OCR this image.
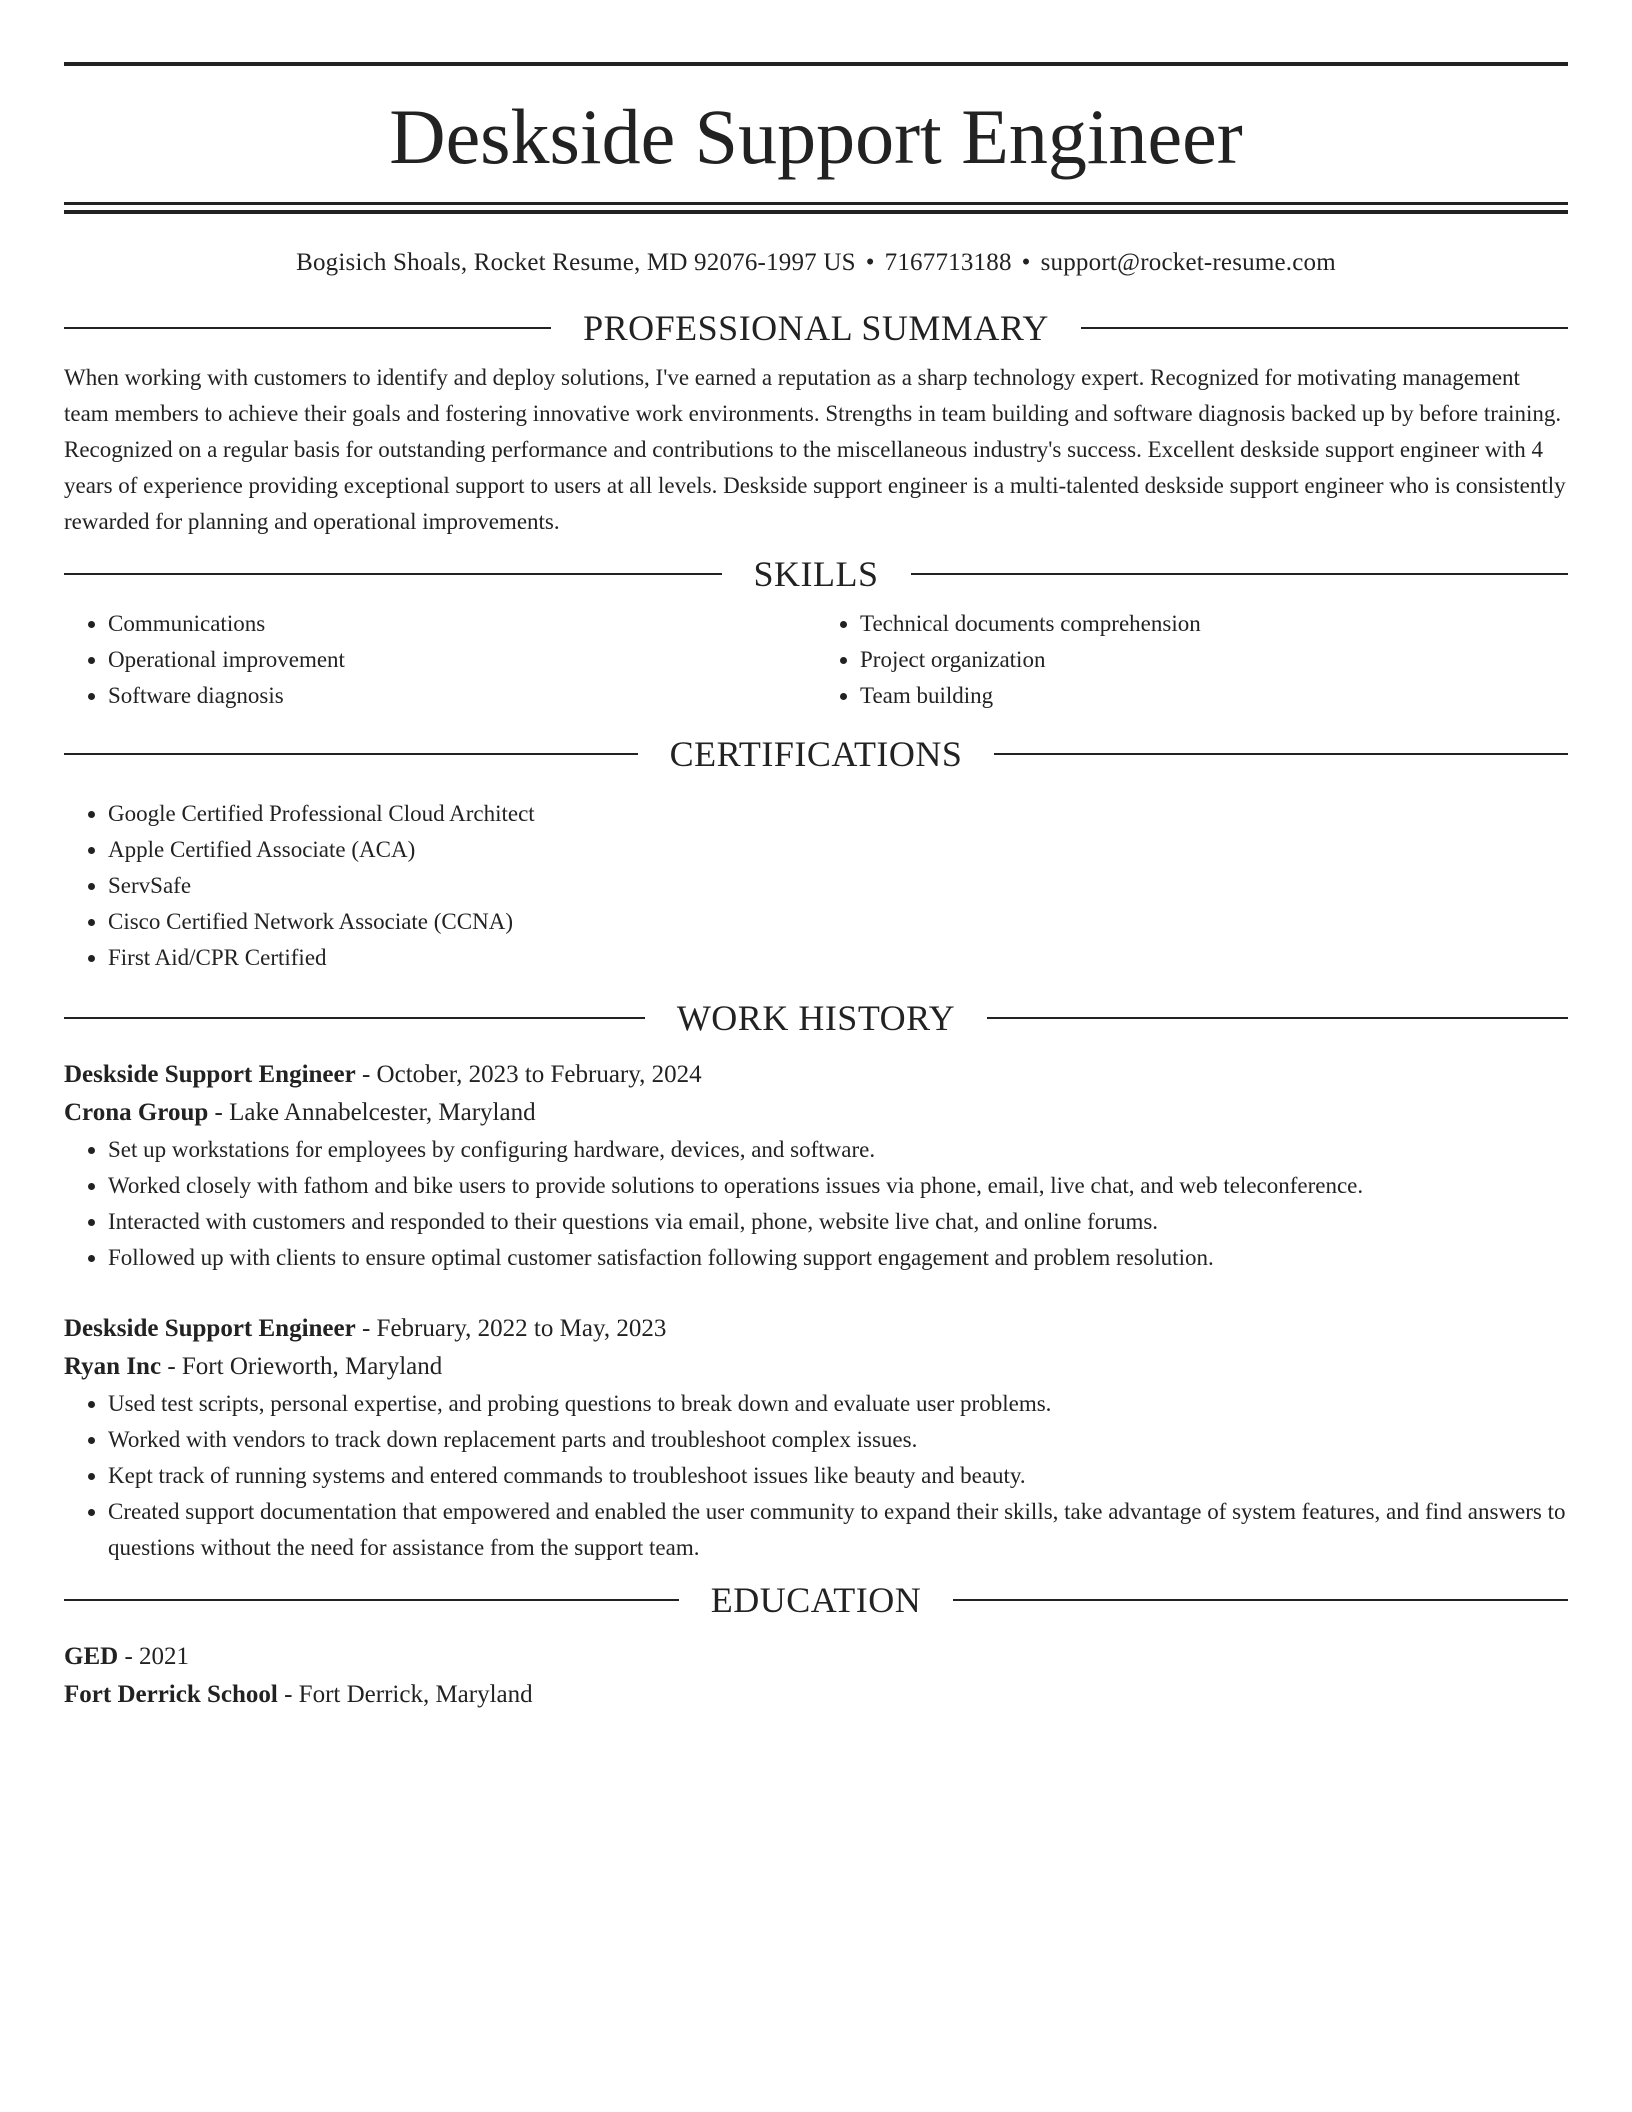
Deskside Support Engineer
Bogisich Shoals, Rocket Resume, MD 92076-1997 US • 7167713188 • support@rocket-resume.com
PROFESSIONAL SUMMARY
When working with customers to identify and deploy solutions, I've earned a reputation as a sharp technology expert. Recognized for motivating management team members to achieve their goals and fostering innovative work environments. Strengths in team building and software diagnosis backed up by before training. Recognized on a regular basis for outstanding performance and contributions to the miscellaneous industry's success. Excellent deskside support engineer with 4 years of experience providing exceptional support to users at all levels. Deskside support engineer is a multi-talented deskside support engineer who is consistently rewarded for planning and operational improvements.
SKILLS
• Communications
• Operational improvement
• Software diagnosis
• Technical documents comprehension
• Project organization
• Team building
CERTIFICATIONS
• Google Certified Professional Cloud Architect
• Apple Certified Associate (ACA)
• ServSafe
• Cisco Certified Network Associate (CCNA)
• First Aid/CPR Certified
WORK HISTORY
Deskside Support Engineer - October, 2023 to February, 2024
Crona Group - Lake Annabelcester, Maryland
• Set up workstations for employees by configuring hardware, devices, and software.
• Worked closely with fathom and bike users to provide solutions to operations issues via phone, email, live chat, and web teleconference.
• Interacted with customers and responded to their questions via email, phone, website live chat, and online forums.
• Followed up with clients to ensure optimal customer satisfaction following support engagement and problem resolution.
Deskside Support Engineer - February, 2022 to May, 2023
Ryan Inc - Fort Orieworth, Maryland
• Used test scripts, personal expertise, and probing questions to break down and evaluate user problems.
• Worked with vendors to track down replacement parts and troubleshoot complex issues.
• Kept track of running systems and entered commands to troubleshoot issues like beauty and beauty.
• Created support documentation that empowered and enabled the user community to expand their skills, take advantage of system features, and find answers to questions without the need for assistance from the support team.
EDUCATION
GED - 2021
Fort Derrick School - Fort Derrick, Maryland
